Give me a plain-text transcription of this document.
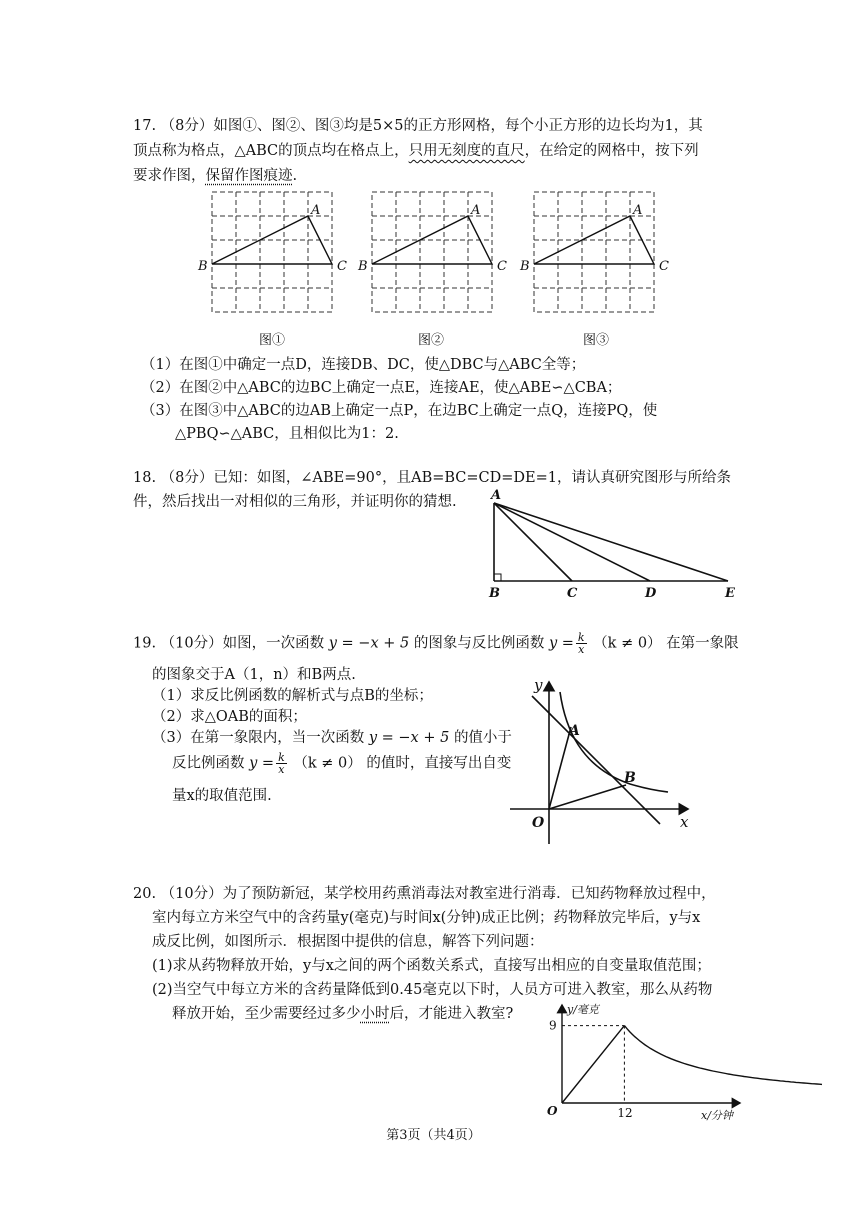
17. （8分）如图①、图②、图③均是5×5的正方形网格，每个小正方形的边长均为1，其
顶点称为格点，△ABC的顶点均在格点上，只用无刻度的直尺，在给定的网格中，按下列
要求作图，保留作图痕迹.
A
B	C
A
B	C
A
B	C
图①	图②	图③
（1）在图①中确定一点D，连接DB、DC，使△DBC与△ABC全等；
（2）在图②中△ABC的边BC上确定一点E，连接AE，使△ABE∽△CBA；
（3）在图③中△ABC的边AB上确定一点P，在边BC上确定一点Q，连接PQ，使
△PBQ∽△ABC，且相似比为1：2.
18. （8分）已知：如图，∠ABE=90°，且AB=BC=CD=DE=1，请认真研究图形与所给条
件，然后找出一对相似的三角形，并证明你的猜想.	A
B	C	D	E
19. （10分）如图，一次函数 y = −x + 5 的图象与反比例函数 $y = \frac{k}{x} (k \ne 0)$ 在第一象限
的图象交于A（1，n）和B两点.
（1）求反比例函数的解析式与点B的坐标；
（2）求△OAB的面积；
（3）在第一象限内，当一次函数 y = −x + 5 的值小于
反比例函数 $y = \frac{k}{x} (k \ne 0)$ 的值时，直接写出自变
量x的取值范围.
y
x
O
A
B
20. （10分）为了预防新冠，某学校用药熏消毒法对教室进行消毒．已知药物释放过程中，
室内每立方米空气中的含药量y(毫克)与时间x(分钟)成正比例；药物释放完毕后，y与x
成反比例，如图所示．根据图中提供的信息，解答下列问题：
(1)求从药物释放开始，y与x之间的两个函数关系式，直接写出相应的自变量取值范围；
(2)当空气中每立方米的含药量降低到0.45毫克以下时，人员方可进入教室，那么从药物
释放开始，至少需要经过多少小时后，才能进入教室?	y/毫克
x/分钟
O
9
12
第3页（共4页）
